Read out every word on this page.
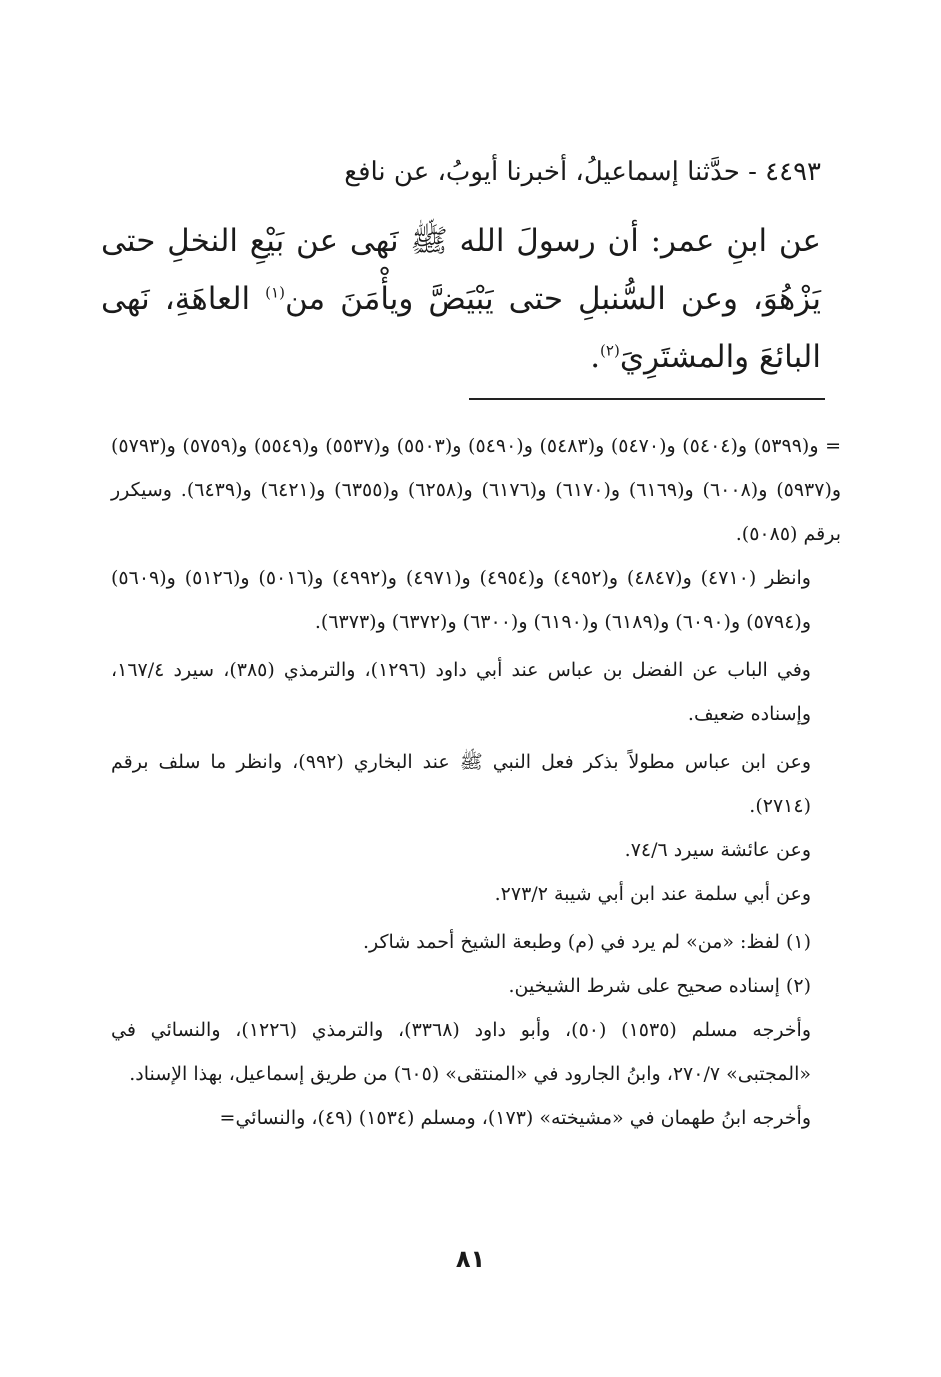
٤٤٩٣ - حدَّثنا إسماعيلُ، أخبرنا أيوبُ، عن نافع
عن ابنِ عمر: أن رسولَ الله ﷺ نَهى عن بَيْعِ النخلِ حتى يَزْهُوَ، وعن السُّنبلِ حتى يَبْيَضَّ ويأْمَنَ من$^{(١)}$ العاهَةِ، نَهى البائعَ والمشتَرِيَ$^{(٢)}$.

= و(٥٣٩٩) و(٥٤٠٤) و(٥٤٧٠) و(٥٤٨٣) و(٥٤٩٠) و(٥٥٠٣) و(٥٥٣٧) و(٥٥٤٩) و(٥٧٥٩) و(٥٧٩٣) و(٥٩٣٧) و(٦٠٠٨) و(٦١٦٩) و(٦١٧٠) و(٦١٧٦) و(٦٢٥٨) و(٦٣٥٥) و(٦٤٢١) و(٦٤٣٩). وسيكرر برقم (٥٠٨٥).

وانظر (٤٧١٠) و(٤٨٤٧) و(٤٩٥٢) و(٤٩٥٤) و(٤٩٧١) و(٤٩٩٢) و(٥٠١٦) و(٥١٢٦) و(٥٦٠٩) و(٥٧٩٤) و(٦٠٩٠) و(٦١٨٩) و(٦١٩٠) و(٦٣٠٠) و(٦٣٧٢) و(٦٣٧٣).

وفي الباب عن الفضل بن عباس عند أبي داود (١٢٩٦)، والترمذي (٣٨٥)، سيرد ١٦٧/٤، وإسناده ضعيف.

وعن ابن عباس مطولاً بذكر فعل النبي ﷺ عند البخاري (٩٩٢)، وانظر ما سلف برقم (٢٧١٤).

وعن عائشة سيرد ٧٤/٦.

وعن أبي سلمة عند ابن أبي شيبة ٢٧٣/٢.

(١) لفظ: «من» لم يرد في (م) وطبعة الشيخ أحمد شاكر.

(٢) إسناده صحيح على شرط الشيخين.

وأخرجه مسلم (١٥٣٥) (٥٠)، وأبو داود (٣٣٦٨)، والترمذي (١٢٢٦)، والنسائي في «المجتبى» ٢٧٠/٧، وابنُ الجارود في «المنتقى» (٦٠٥) من طريق إسماعيل، بهذا الإسناد.

وأخرجه ابنُ طهمان في «مشيخته» (١٧٣)، ومسلم (١٥٣٤) (٤٩)، والنسائي=

٨١
